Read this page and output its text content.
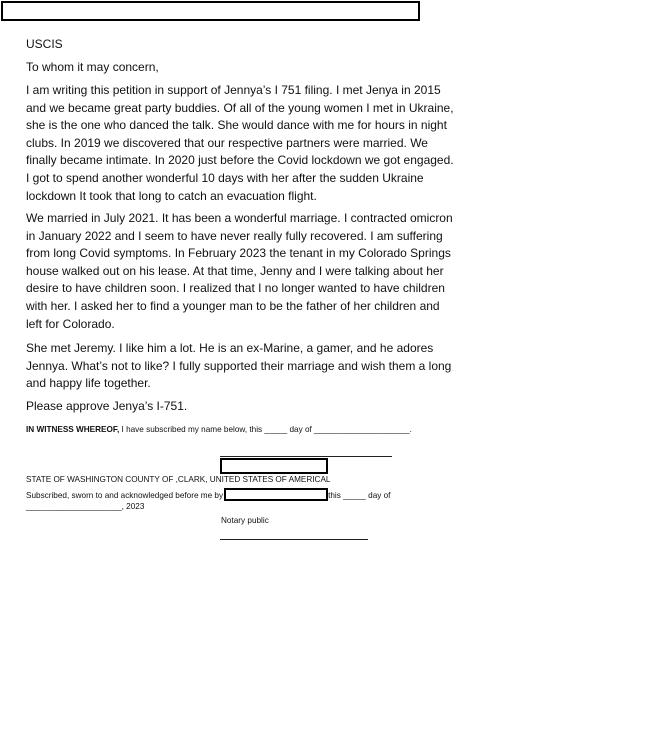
USCIS

To whom it may concern,

I am writing this petition in support of Jennya’s I 751 filing. I met Jenya in 2015 and we became great party buddies. Of all of the young women I met in Ukraine, she is the one who danced the talk. She would dance with me for hours in night clubs. In 2019 we discovered that our respective partners were married. We finally became intimate. In 2020 just before the Covid lockdown we got engaged. I got to spend another wonderful 10 days with her after the sudden Ukraine lockdown It took that long to catch an evacuation flight.

We married in July 2021. It has been a wonderful marriage. I contracted omicron in January 2022 and I seem to have never really fully recovered. I am suffering from long Covid symptoms. In February 2023 the tenant in my Colorado Springs house walked out on his lease. At that time, Jenny and I were talking about her desire to have children soon. I realized that I no longer wanted to have children with her. I asked her to find a younger man to be the father of her children and left for Colorado.

She met Jeremy. I like him a lot. He is an ex-Marine, a gamer, and he adores Jennya. What’s not to like? I fully supported their marriage and wish them a long and happy life together.

Please approve Jenya’s I-751.

IN WITNESS WHEREOF, I have subscribed my name below, this _____ day of _____________________.

STATE OF WASHINGTON COUNTY OF ,CLARK, UNITED STATES OF AMERICAL

Subscribed, sworn to and acknowledged before me by	this _____ day of

_____________________, 2023

Notary public
